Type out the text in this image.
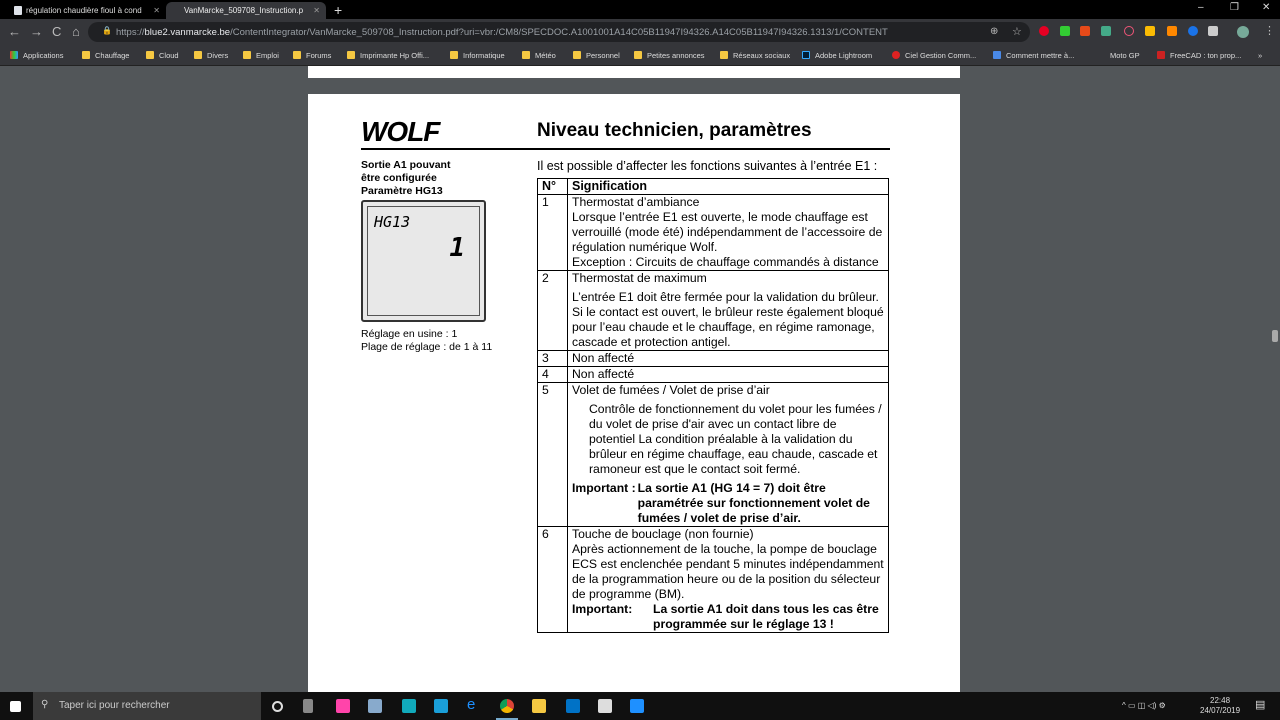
régulation chaudière fioul à cond ✕	VanMarcke_509708_Instruction.p ✕ +	–	❐ ✕
← → C ⌂	🔒 https://blue2.vanmarcke.be/ContentIntegrator/VanMarcke_509708_Instruction.pdf?uri=vbr:/CM8/SPECDOC.A1001001A14C05B11947I94326.A14C05B11947I94326.1313/1/CONTENT	⊕ ☆	⋮
Applications	Chauffage	Cloud	Divers	Emploi	Forums	Imprimante Hp Offi...	Informatique	Météo	Personnel	Petites annonces	Réseaux sociaux	Adobe Lightroom	Ciel Gestion Comm...	Comment mettre à...	Moto GP	FreeCAD : ton prop... »
WOLF	Niveau technicien, paramètres
Sortie A1 pouvant
être configurée
Paramètre HG13
HG13
1
Réglage en usine : 1
Plage de réglage : de 1 à 11
Il est possible d’affecter les fonctions suivantes à l’entrée E1 :
N°	Signification
1	Thermostat d’ambiance
Lorsque l’entrée E1 est ouverte, le mode chauffage est verrouillé (mode été) indépendamment de l’accessoire de régulation numérique Wolf.
Exception : Circuits de chauffage commandés à distance

2	Thermostat de maximum
L’entrée E1 doit être fermée pour la validation du brûleur. Si le contact est ouvert, le brûleur reste également bloqué pour l’eau chaude et le chauffage, en régime ramonage, cascade et protection antigel.

3	Non affecté
4	Non affecté
5	Volet de fumées / Volet de prise d’air
Contrôle de fonctionnement du volet pour les fumées / du volet de prise d'air avec un contact libre de potentiel La condition préalable à la validation du brûleur en régime chauffage, eau chaude, cascade et ramoneur est que le contact soit fermé.
Important : La sortie A1 (HG 14 = 7) doit être paramétrée sur fonctionnement volet de fumées / volet de prise d’air.

6	Touche de bouclage (non fournie)
Après actionnement de la touche, la pompe de bouclage ECS est enclenchée pendant 5 minutes indépendamment de la programmation heure ou de la position du sélecteur de programme (BM).
Important: La sortie A1 doit dans tous les cas être programmée sur le réglage 13 !
⚲ Taper ici pour rechercher	e	^ ▭ ◫ ◁) ⚙
22:48
24/07/2019 ▤
